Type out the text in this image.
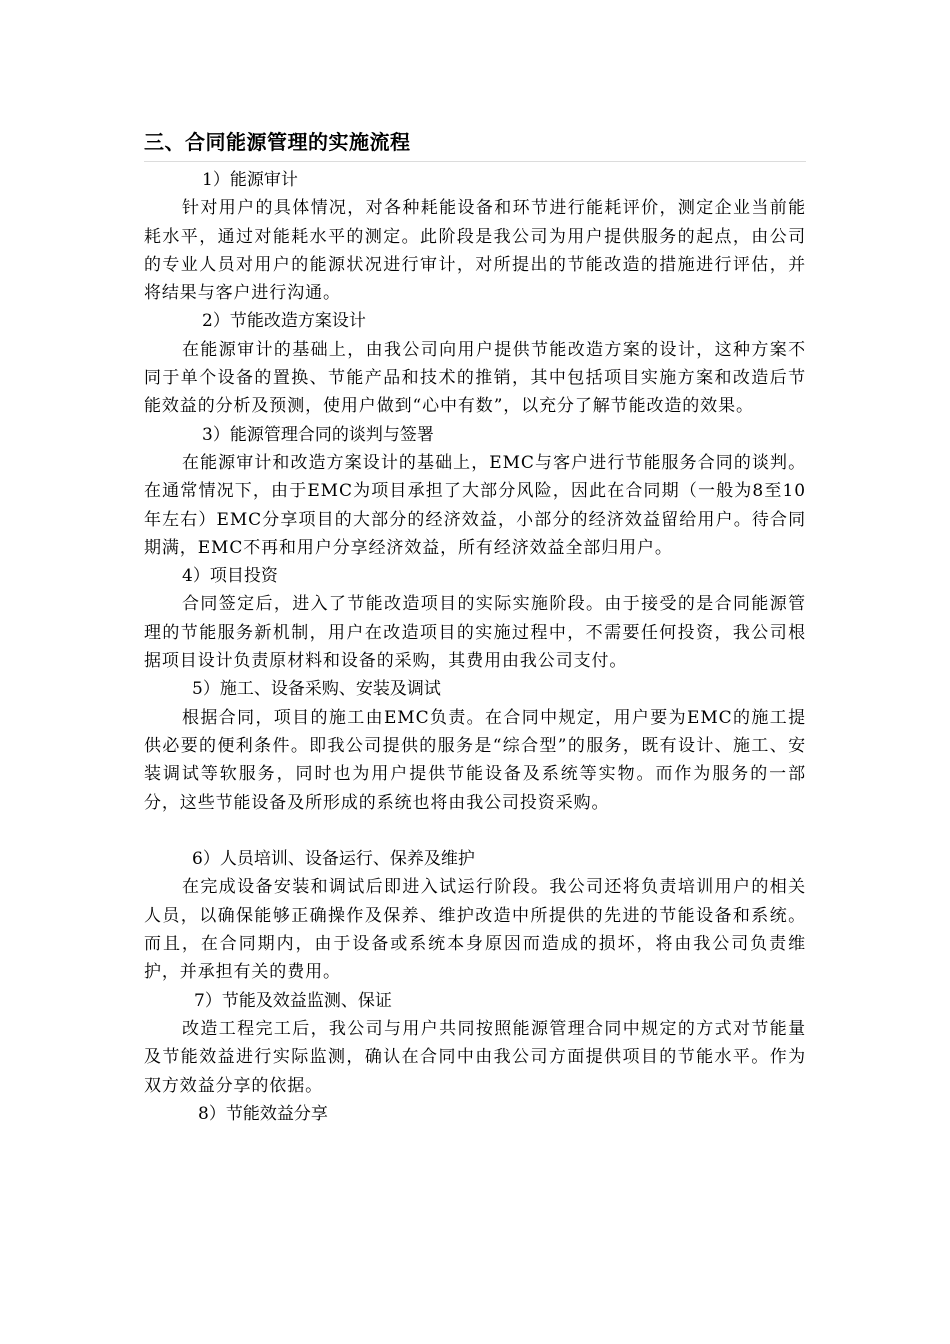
三、合同能源管理的实施流程

1）能源审计

针对用户的具体情况，对各种耗能设备和环节进行能耗评价，测定企业当前能耗水平，通过对能耗水平的测定。此阶段是我公司为用户提供服务的起点，由公司的专业人员对用户的能源状况进行审计，对所提出的节能改造的措施进行评估，并将结果与客户进行沟通。

2）节能改造方案设计

在能源审计的基础上，由我公司向用户提供节能改造方案的设计，这种方案不同于单个设备的置换、节能产品和技术的推销，其中包括项目实施方案和改造后节能效益的分析及预测，使用户做到“心中有数”，以充分了解节能改造的效果。

3）能源管理合同的谈判与签署

在能源审计和改造方案设计的基础上，EMC与客户进行节能服务合同的谈判。在通常情况下，由于EMC为项目承担了大部分风险，因此在合同期（一般为8至10年左右）EMC分享项目的大部分的经济效益，小部分的经济效益留给用户。待合同期满，EMC不再和用户分享经济效益，所有经济效益全部归用户。

4）项目投资

合同签定后，进入了节能改造项目的实际实施阶段。由于接受的是合同能源管理的节能服务新机制，用户在改造项目的实施过程中，不需要任何投资，我公司根据项目设计负责原材料和设备的采购，其费用由我公司支付。

5）施工、设备采购、安装及调试

根据合同，项目的施工由EMC负责。在合同中规定，用户要为EMC的施工提供必要的便利条件。即我公司提供的服务是“综合型”的服务，既有设计、施工、安装调试等软服务，同时也为用户提供节能设备及系统等实物。而作为服务的一部分，这些节能设备及所形成的系统也将由我公司投资采购。

6）人员培训、设备运行、保养及维护

在完成设备安装和调试后即进入试运行阶段。我公司还将负责培训用户的相关人员，以确保能够正确操作及保养、维护改造中所提供的先进的节能设备和系统。而且，在合同期内，由于设备或系统本身原因而造成的损坏，将由我公司负责维护，并承担有关的费用。

7）节能及效益监测、保证

改造工程完工后，我公司与用户共同按照能源管理合同中规定的方式对节能量及节能效益进行实际监测，确认在合同中由我公司方面提供项目的节能水平。作为双方效益分享的依据。

8）节能效益分享
